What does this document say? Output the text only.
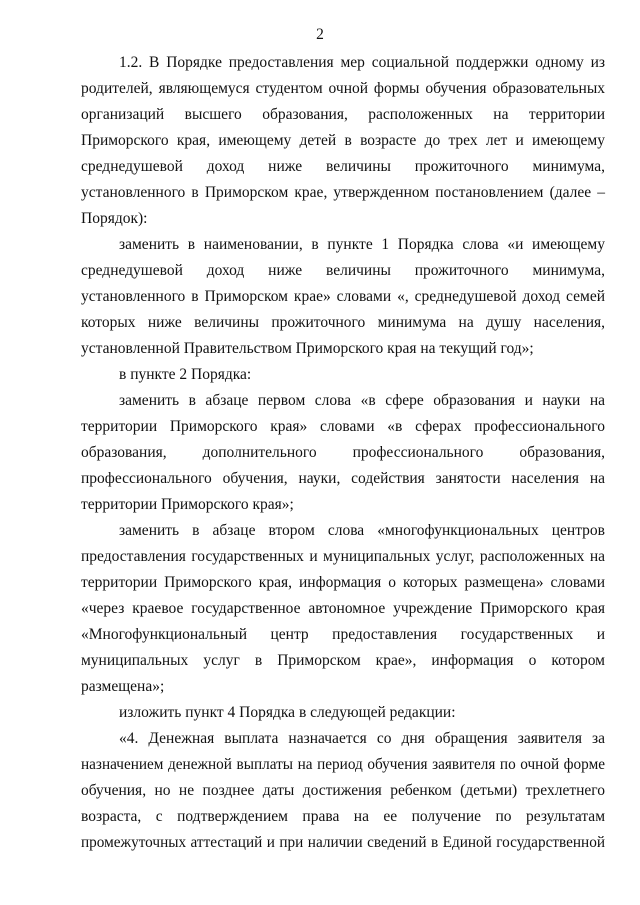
2
1.2. В Порядке предоставления мер социальной поддержки одному из
родителей, являющемуся студентом очной формы обучения образовательных
организаций высшего образования, расположенных на территории
Приморского края, имеющему детей в возрасте до трех лет и имеющему
среднедушевой доход ниже величины прожиточного минимума,
установленного в Приморском крае, утвержденном постановлением (далее –
Порядок):
заменить в наименовании, в пункте 1 Порядка слова «и имеющему
среднедушевой доход ниже величины прожиточного минимума,
установленного в Приморском крае» словами «, среднедушевой доход семей
которых ниже величины прожиточного минимума на душу населения,
установленной Правительством Приморского края на текущий год»;
в пункте 2 Порядка:
заменить в абзаце первом слова «в сфере образования и науки на
территории Приморского края» словами «в сферах профессионального
образования, дополнительного профессионального образования,
профессионального обучения, науки, содействия занятости населения на
территории Приморского края»;
заменить в абзаце втором слова «многофункциональных центров
предоставления государственных и муниципальных услуг, расположенных на
территории Приморского края, информация о которых размещена» словами
«через краевое государственное автономное учреждение Приморского края
«Многофункциональный центр предоставления государственных и
муниципальных услуг в Приморском крае», информация о котором
размещена»;
изложить пункт 4 Порядка в следующей редакции:
«4. Денежная выплата назначается со дня обращения заявителя за
назначением денежной выплаты на период обучения заявителя по очной форме
обучения, но не позднее даты достижения ребенком (детьми) трехлетнего
возраста, с подтверждением права на ее получение по результатам
промежуточных аттестаций и при наличии сведений в Единой государственной
